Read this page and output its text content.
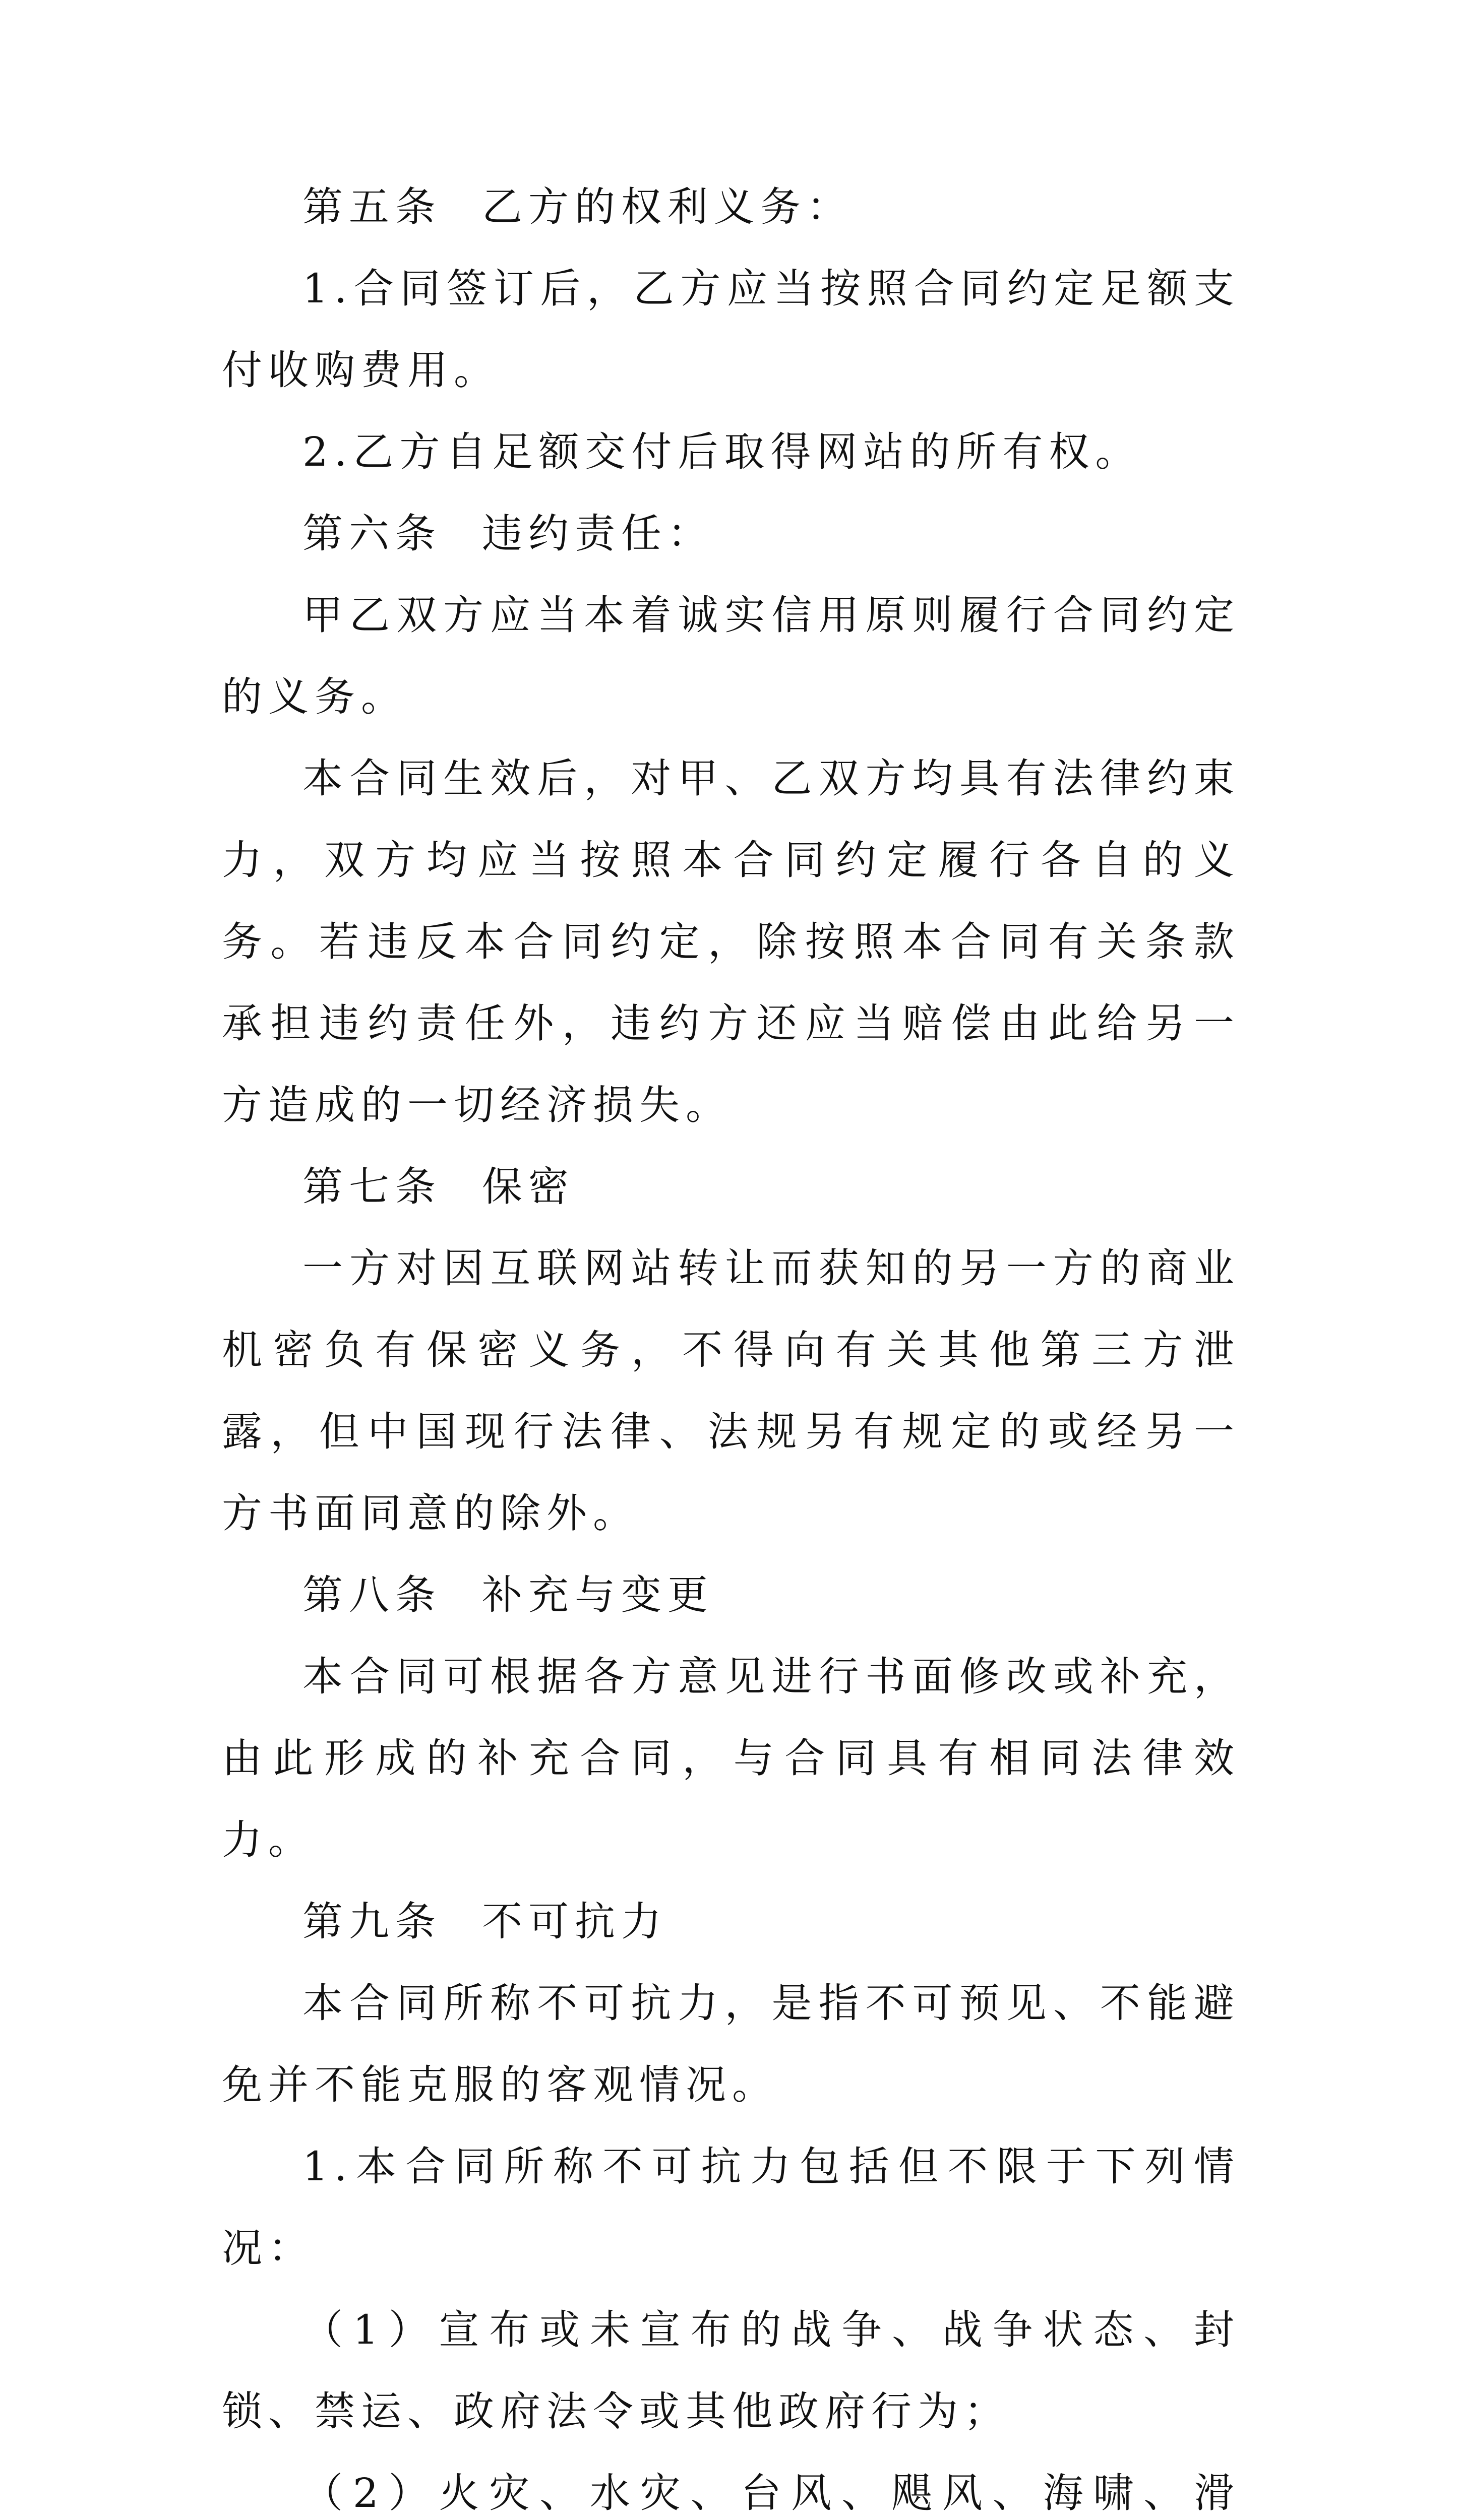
第五条 乙方的权利义务：

1.合同签订后，乙方应当按照合同约定足额支付收购费用。

2.乙方自足额交付后取得网站的所有权。

第六条 违约责任：

甲乙双方应当本着诚实信用原则履行合同约定的义务。

本合同生效后，对甲、乙双方均具有法律约束力，双方均应当按照本合同约定履行各自的义务。若违反本合同约定，除按照本合同有关条款承担违约责任外，违约方还应当赔偿由此给另一方造成的一切经济损失。

第七条 保密

一方对因互联网站转让而获知的另一方的商业机密负有保密义务，不得向有关其他第三方泄露，但中国现行法律、法规另有规定的或经另一方书面同意的除外。

第八条 补充与变更

本合同可根据各方意见进行书面修改或补充，由此形成的补充合同，与合同具有相同法律效力。

第九条 不可抗力

本合同所称不可抗力，是指不可预见、不能避免并不能克服的客观情况。

1.本合同所称不可抗力包括但不限于下列情况：

（1）宣布或未宣布的战争、战争状态、封锁、禁运、政府法令或其他政府行为；

（2）火灾、水灾、台风、飓风、海啸、滑
